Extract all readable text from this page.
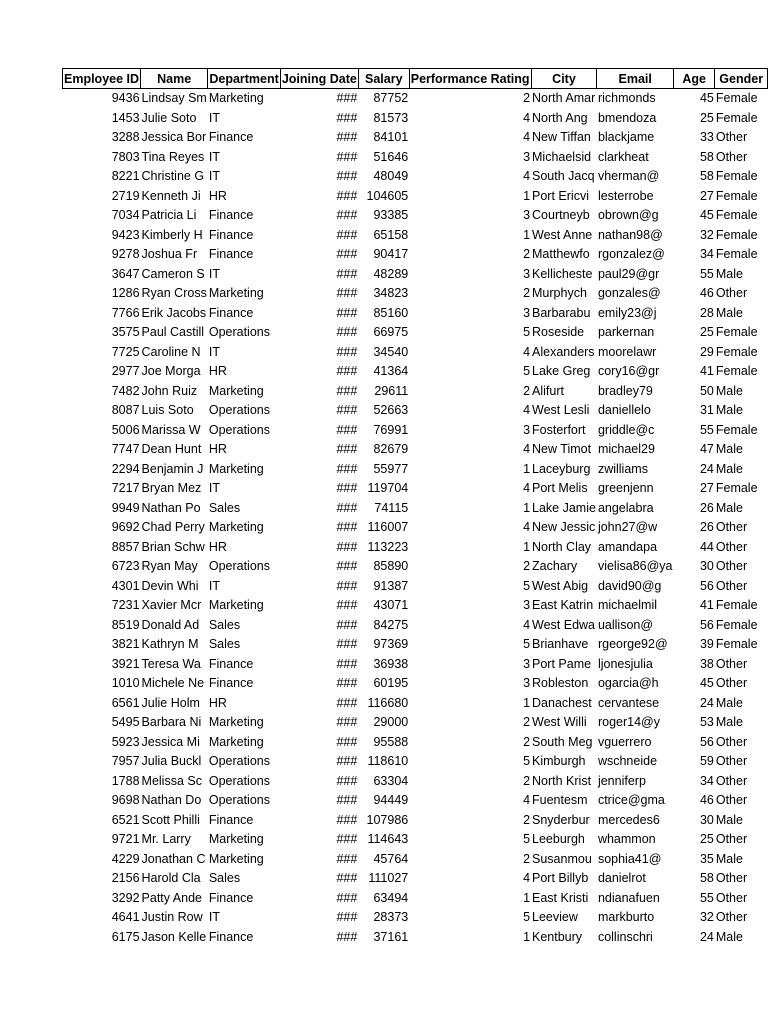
Employee ID	Name	Department	Joining Date	Salary	Performance Rating	City	Email	Age	Gender
9436	Lindsay Sm	Marketing	###	87752	2	North Amar	richmonds	45	Female
1453	Julie Soto	IT	###	81573	4	North Ang	bmendoza	25	Female
3288	Jessica Bor	Finance	###	84101	4	New Tiffan	blackjame	33	Other
7803	Tina Reyes	IT	###	51646	3	Michaelsid	clarkheat	58	Other
8221	Christine G	IT	###	48049	4	South Jacq	vherman@	58	Female
2719	Kenneth Ji	HR	###	104605	1	Port Ericvi	lesterrobe	27	Female
7034	Patricia Li	Finance	###	93385	3	Courtneyb	obrown@g	45	Female
9423	Kimberly H	Finance	###	65158	1	West Anne	nathan98@	32	Female
9278	Joshua Fr	Finance	###	90417	2	Matthewfo	rgonzalez@	34	Female
3647	Cameron S	IT	###	48289	3	Kellicheste	paul29@gr	55	Male
1286	Ryan Cross	Marketing	###	34823	2	Murphych	gonzales@	46	Other
7766	Erik Jacobs	Finance	###	85160	3	Barbarabu	emily23@j	28	Male
3575	Paul Castill	Operations	###	66975	5	Roseside	parkernan	25	Female
7725	Caroline N	IT	###	34540	4	Alexanders	moorelawr	29	Female
2977	Joe Morga	HR	###	41364	5	Lake Greg	cory16@gr	41	Female
7482	John Ruiz	Marketing	###	29611	2	Alifurt	bradley79	50	Male
8087	Luis Soto	Operations	###	52663	4	West Lesli	daniellelo	31	Male
5006	Marissa W	Operations	###	76991	3	Fosterfort	griddle@c	55	Female
7747	Dean Hunt	HR	###	82679	4	New Timot	michael29	47	Male
2294	Benjamin J	Marketing	###	55977	1	Laceyburg	zwilliams	24	Male
7217	Bryan Mez	IT	###	119704	4	Port Melis	greenjenn	27	Female
9949	Nathan Po	Sales	###	74115	1	Lake Jamie	angelabra	26	Male
9692	Chad Perry	Marketing	###	116007	4	New Jessic	john27@w	26	Other
8857	Brian Schw	HR	###	113223	1	North Clay	amandapa	44	Other
6723	Ryan May	Operations	###	85890	2	Zachary	vielisa86@ya	30	Other
4301	Devin Whi	IT	###	91387	5	West Abig	david90@g	56	Other
7231	Xavier Mcr	Marketing	###	43071	3	East Katrin	michaelmil	41	Female
8519	Donald Ad	Sales	###	84275	4	West Edwa	uallison@	56	Female
3821	Kathryn M	Sales	###	97369	5	Brianhave	rgeorge92@	39	Female
3921	Teresa Wa	Finance	###	36938	3	Port Pame	ljonesjulia	38	Other
1010	Michele Ne	Finance	###	60195	3	Robleston	ogarcia@h	45	Other
6561	Julie Holm	HR	###	116680	1	Danachest	cervantese	24	Male
5495	Barbara Ni	Marketing	###	29000	2	West Willi	roger14@y	53	Male
5923	Jessica Mi	Marketing	###	95588	2	South Meg	vguerrero	56	Other
7957	Julia Buckl	Operations	###	118610	5	Kimburgh	wschneide	59	Other
1788	Melissa Sc	Operations	###	63304	2	North Krist	jenniferp	34	Other
9698	Nathan Do	Operations	###	94449	4	Fuentesm	ctrice@gma	46	Other
6521	Scott Philli	Finance	###	107986	2	Snyderbur	mercedes6	30	Male
9721	Mr. Larry	Marketing	###	114643	5	Leeburgh	whammon	25	Other
4229	Jonathan C	Marketing	###	45764	2	Susanmou	sophia41@	35	Male
2156	Harold Cla	Sales	###	111027	4	Port Billyb	danielrot	58	Other
3292	Patty Ande	Finance	###	63494	1	East Kristi	ndianafuen	55	Other
4641	Justin Row	IT	###	28373	5	Leeview	markburto	32	Other
6175	Jason Kelle	Finance	###	37161	1	Kentbury	collinschri	24	Male
